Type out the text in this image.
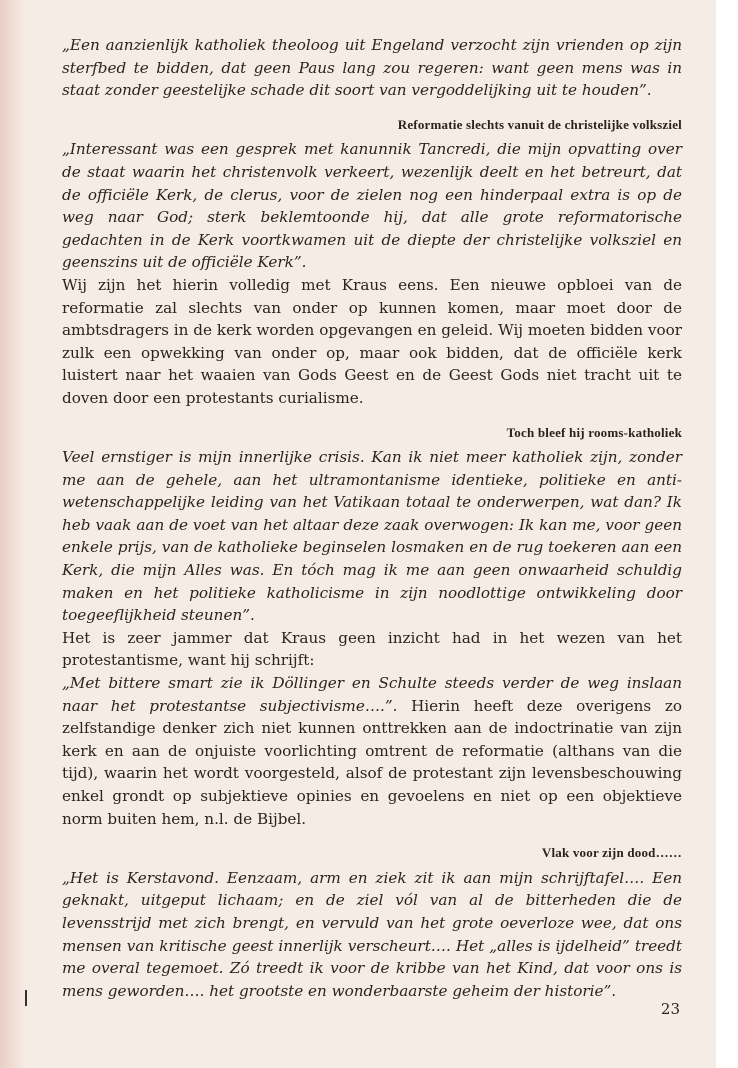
„Een aanzienlijk katholiek theoloog uit Engeland verzocht zijn vrienden op zijn sterfbed te bidden, dat geen Paus lang zou regeren: want geen mens was in staat zonder geestelijke schade dit soort van vergoddelijking uit te houden”.

Reformatie slechts vanuit de christelijke volksziel

„Interessant was een gesprek met kanunnik Tancredi, die mijn opvatting over de staat waarin het christenvolk verkeert, wezenlijk deelt en het betreurt, dat de officiële Kerk, de clerus, voor de zielen nog een hinderpaal extra is op de weg naar God; sterk beklemtoonde hij, dat alle grote reformatorische gedachten in de Kerk voortkwamen uit de diepte der christelijke volksziel en geenszins uit de officiële Kerk”.

Wij zijn het hierin volledig met Kraus eens. Een nieuwe opbloei van de reformatie zal slechts van onder op kunnen komen, maar moet door de ambtsdragers in de kerk worden opgevangen en geleid. Wij moeten bidden voor zulk een opwekking van onder op, maar ook bidden, dat de officiële kerk luistert naar het waaien van Gods Geest en de Geest Gods niet tracht uit te doven door een protestants curialisme.

Toch bleef hij rooms-katholiek

Veel ernstiger is mijn innerlijke crisis. Kan ik niet meer katholiek zijn, zonder me aan de gehele, aan het ultramontanisme identieke, politieke en anti-wetenschappelijke leiding van het Vatikaan totaal te onderwerpen, wat dan? Ik heb vaak aan de voet van het altaar deze zaak overwogen: Ik kan me, voor geen enkele prijs, van de katholieke beginselen losmaken en de rug toekeren aan een Kerk, die mijn Alles was. En tóch mag ik me aan geen onwaarheid schuldig maken en het politieke katholicisme in zijn noodlottige ontwikkeling door toegeeflijkheid steunen”.

Het is zeer jammer dat Kraus geen inzicht had in het wezen van het protestantisme, want hij schrijft:

„Met bittere smart zie ik Döllinger en Schulte steeds verder de weg inslaan naar het protestantse subjectivisme….”. Hierin heeft deze overigens zo zelfstandige denker zich niet kunnen onttrekken aan de indoctrinatie van zijn kerk en aan de onjuiste voorlichting omtrent de reformatie (althans van die tijd), waarin het wordt voorgesteld, alsof de protestant zijn levensbeschouwing enkel grondt op subjektieve opinies en gevoelens en niet op een objektieve norm buiten hem, n.l. de Bijbel.

Vlak voor zijn dood……

„Het is Kerstavond. Eenzaam, arm en ziek zit ik aan mijn schrijftafel…. Een geknakt, uitgeput lichaam; en de ziel vól van al de bitterheden die de levensstrijd met zich brengt, en vervuld van het grote oeverloze wee, dat ons mensen van kritische geest innerlijk verscheurt…. Het „alles is ijdelheid” treedt me overal tegemoet. Zó treedt ik voor de kribbe van het Kind, dat voor ons is mens geworden…. het grootste en wonderbaarste geheim der historie”.

23
